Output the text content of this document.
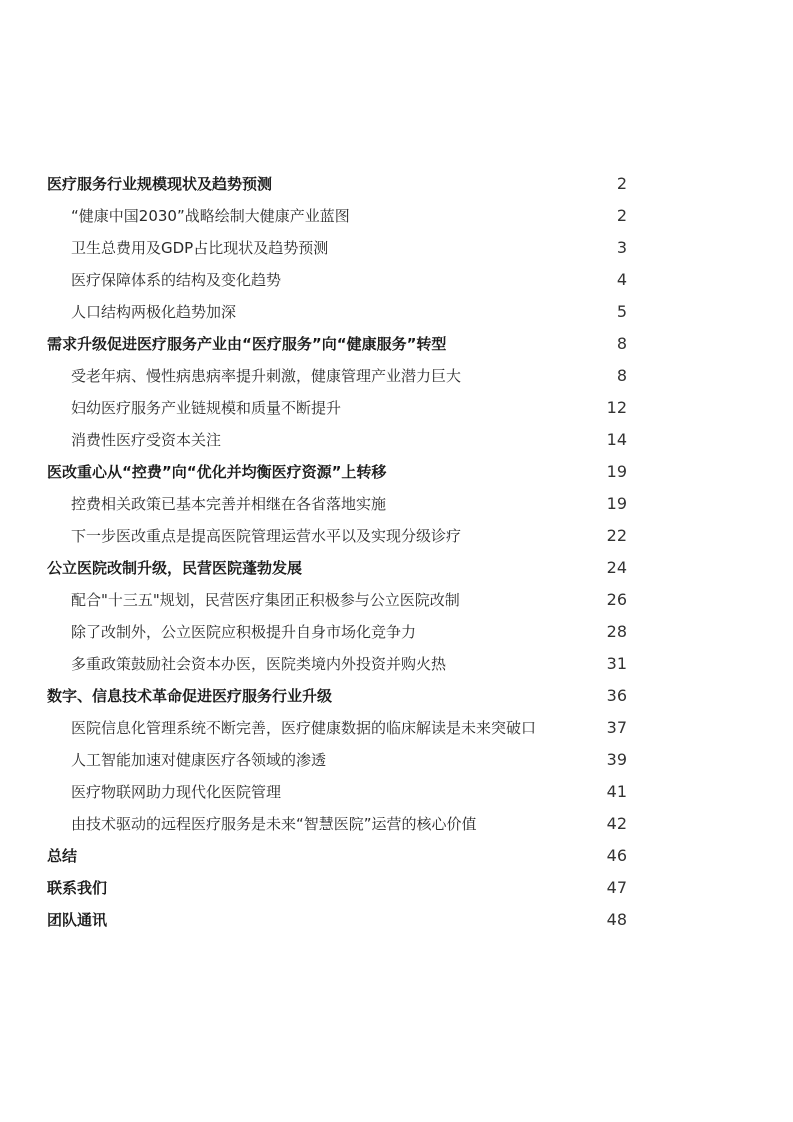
医疗服务行业规模现状及趋势预测	2
“健康中国2030”战略绘制大健康产业蓝图	2
卫生总费用及GDP占比现状及趋势预测	3
医疗保障体系的结构及变化趋势	4
人口结构两极化趋势加深	5
需求升级促进医疗服务产业由“医疗服务”向“健康服务”转型	8
受老年病、慢性病患病率提升刺激，健康管理产业潜力巨大	8
妇幼医疗服务产业链规模和质量不断提升	12
消费性医疗受资本关注	14
医改重心从“控费”向“优化并均衡医疗资源”上转移	19
控费相关政策已基本完善并相继在各省落地实施	19
下一步医改重点是提高医院管理运营水平以及实现分级诊疗	22
公立医院改制升级，民营医院蓬勃发展	24
配合"十三五"规划，民营医疗集团正积极参与公立医院改制	26
除了改制外，公立医院应积极提升自身市场化竞争力	28
多重政策鼓励社会资本办医，医院类境内外投资并购火热	31
数字、信息技术革命促进医疗服务行业升级	36
医院信息化管理系统不断完善，医疗健康数据的临床解读是未来突破口	37
人工智能加速对健康医疗各领域的渗透	39
医疗物联网助力现代化医院管理	41
由技术驱动的远程医疗服务是未来“智慧医院”运营的核心价值	42
总结	46
联系我们	47
团队通讯	48
